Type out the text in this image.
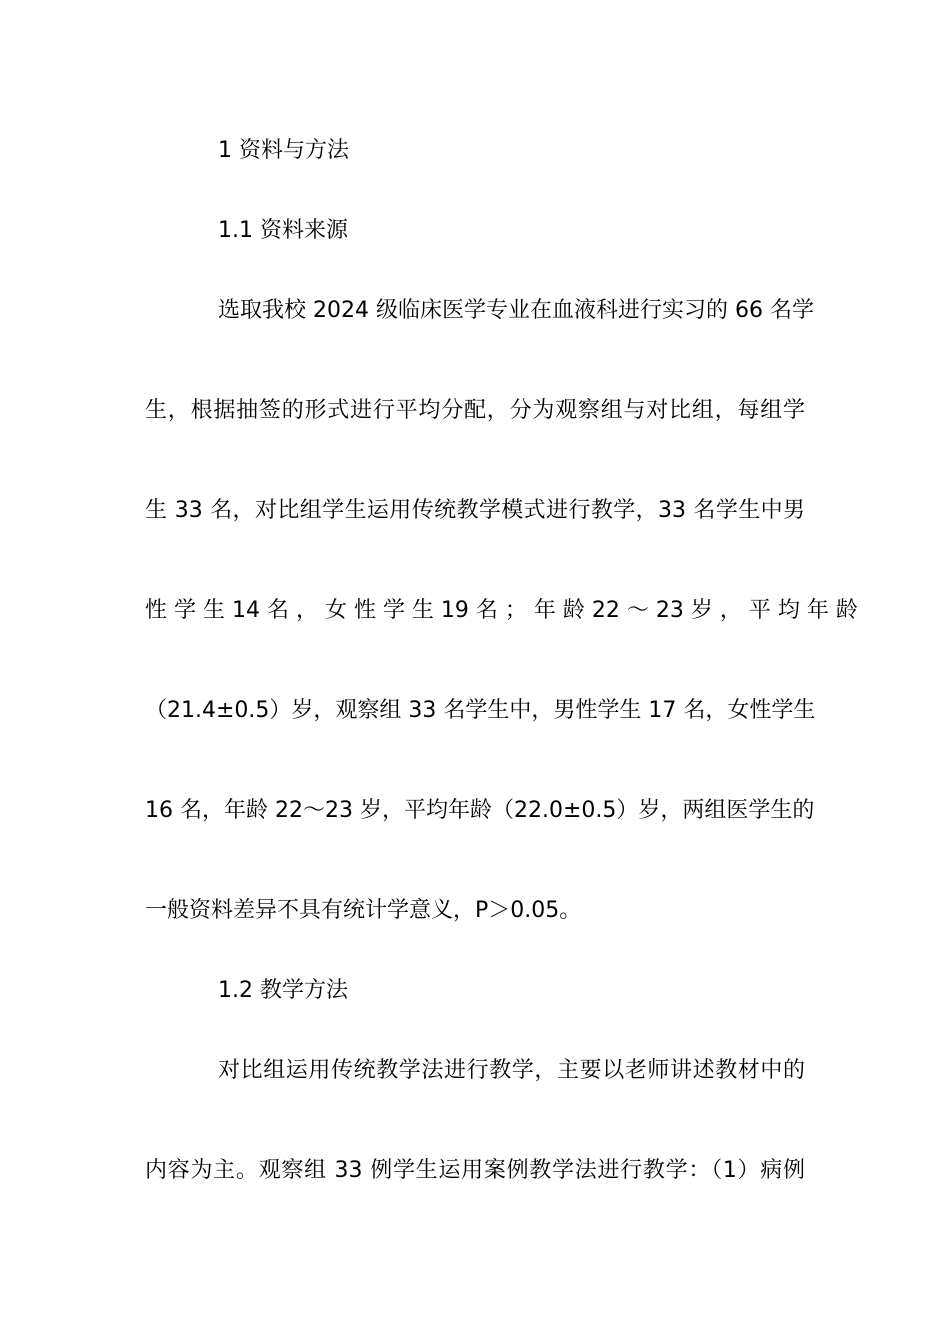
1 资料与方法
1.1 资料来源
选取我校 2024 级临床医学专业在血液科进行实习的 66 名学
生，根据抽签的形式进行平均分配，分为观察组与对比组，每组学
生 33 名，对比组学生运用传统教学模式进行教学，33 名学生中男
性 学 生 14 名 ， 女 性 学 生 19 名 ； 年 龄 22 ～ 23 岁 ， 平 均 年 龄
（21.4±0.5）岁，观察组 33 名学生中，男性学生 17 名，女性学生
16 名，年龄 22～23 岁，平均年龄（22.0±0.5）岁，两组医学生的
一般资料差异不具有统计学意义，P＞0.05。
1.2 教学方法
对比组运用传统教学法进行教学，主要以老师讲述教材中的
内容为主。观察组 33 例学生运用案例教学法进行教学：（1）病例
